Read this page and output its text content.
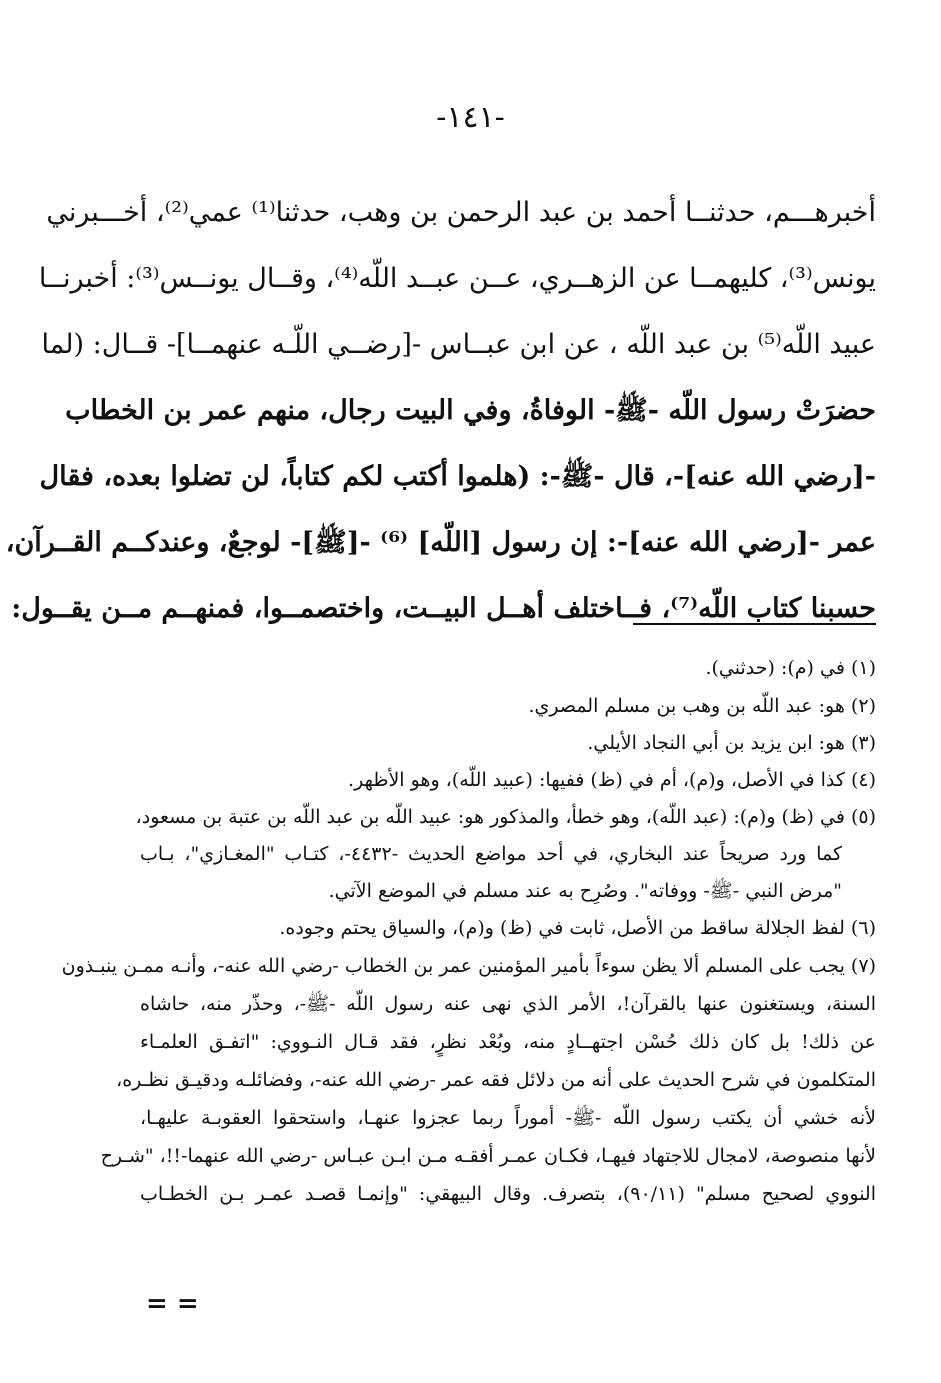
-١٤١-
أخبرهـــم، حدثنــا أحمد بن عبد الرحمن بن وهب، حدثنا⁽¹⁾ عمي⁽²⁾، أخـــبرني
يونس⁽³⁾، كليهمــا عن الزهــري، عــن عبــد اللّه⁽⁴⁾، وقــال يونــس⁽³⁾: أخبرنــا
عبيد اللّه⁽⁵⁾ بن عبد اللّه ، عن ابن عبــاس -[رضــي اللّـه عنهمــا]- قــال: (لما
حضرَتْ رسول اللّه -ﷺ- الوفاةُ، وفي البيت رجال، منهم عمر بن الخطاب
-[رضي الله عنه]-، قال -ﷺ-: (هلموا أكتب لكم كتاباً، لن تضلوا بعده، فقال
عمر -[رضي الله عنه]-: إن رسول [اللّه] ⁽⁶⁾ -[ﷺ]- لوجعٌ، وعندكــم القــرآن،
حسبنا كتاب اللّه⁽⁷⁾، فــاختلف أهــل البيــت، واختصمــوا، فمنهــم مــن يقــول:
(١) في (م): (حدثني).
(٢) هو: عبد اللّه بن وهب بن مسلم المصري.
(٣) هو: ابن يزيد بن أبي النجاد الأيلي.
(٤) كذا في الأصل، و(م)، أم في (ظ) ففيها: (عبيد اللّه)، وهو الأظهر.
(٥) في (ظ) و(م): (عبد اللّه)، وهو خطأ، والمذكور هو: عبيد اللّه بن عبد اللّه بن عتبة بن مسعود،
كما ورد صريحاً عند البخاري، في أحد مواضع الحديث -٤٤٣٢-، كتـاب "المغـازي"، بـاب
"مرض النبي -ﷺ- ووفاته". وصُرِح به عند مسلم في الموضع الآتي.
(٦) لفظ الجلالة ساقط من الأصل، ثابت في (ظ) و(م)، والسياق يحتم وجوده.
(٧) يجب على المسلم ألا يظن سوءاً بأمير المؤمنين عمر بن الخطاب -رضي الله عنه-، وأنـه ممـن ينبـذون
السنة، ويستغنون عنها بالقرآن!، الأمر الذي نهى عنه رسول اللّه -ﷺ-، وحذّر منه، حاشاه
عن ذلك! بل كان ذلك حُسْن اجتهــادٍ منه، وبُعْد نظرٍ، فقد قـال النـووي: "اتفـق العلمـاء
المتكلمون في شرح الحديث على أنه من دلائل فقه عمر -رضي الله عنه-، وفضائلـه ودقيـق نظـره،
لأنه خشي أن يكتب رسول اللّه -ﷺ- أموراً ربما عجزوا عنهـا، واستحقوا العقوبـة عليهـا،
لأنها منصوصة، لامجال للاجتهاد فيهـا، فكـان عمـر أفقـه مـن ابـن عبـاس -رضي الله عنهما-!!، "شـرح
النووي لصحيح مسلم" (٩٠/١١)، بتصرف. وقال البيهقي: "وإنمـا قصـد عمـر بـن الخطـاب
= =
